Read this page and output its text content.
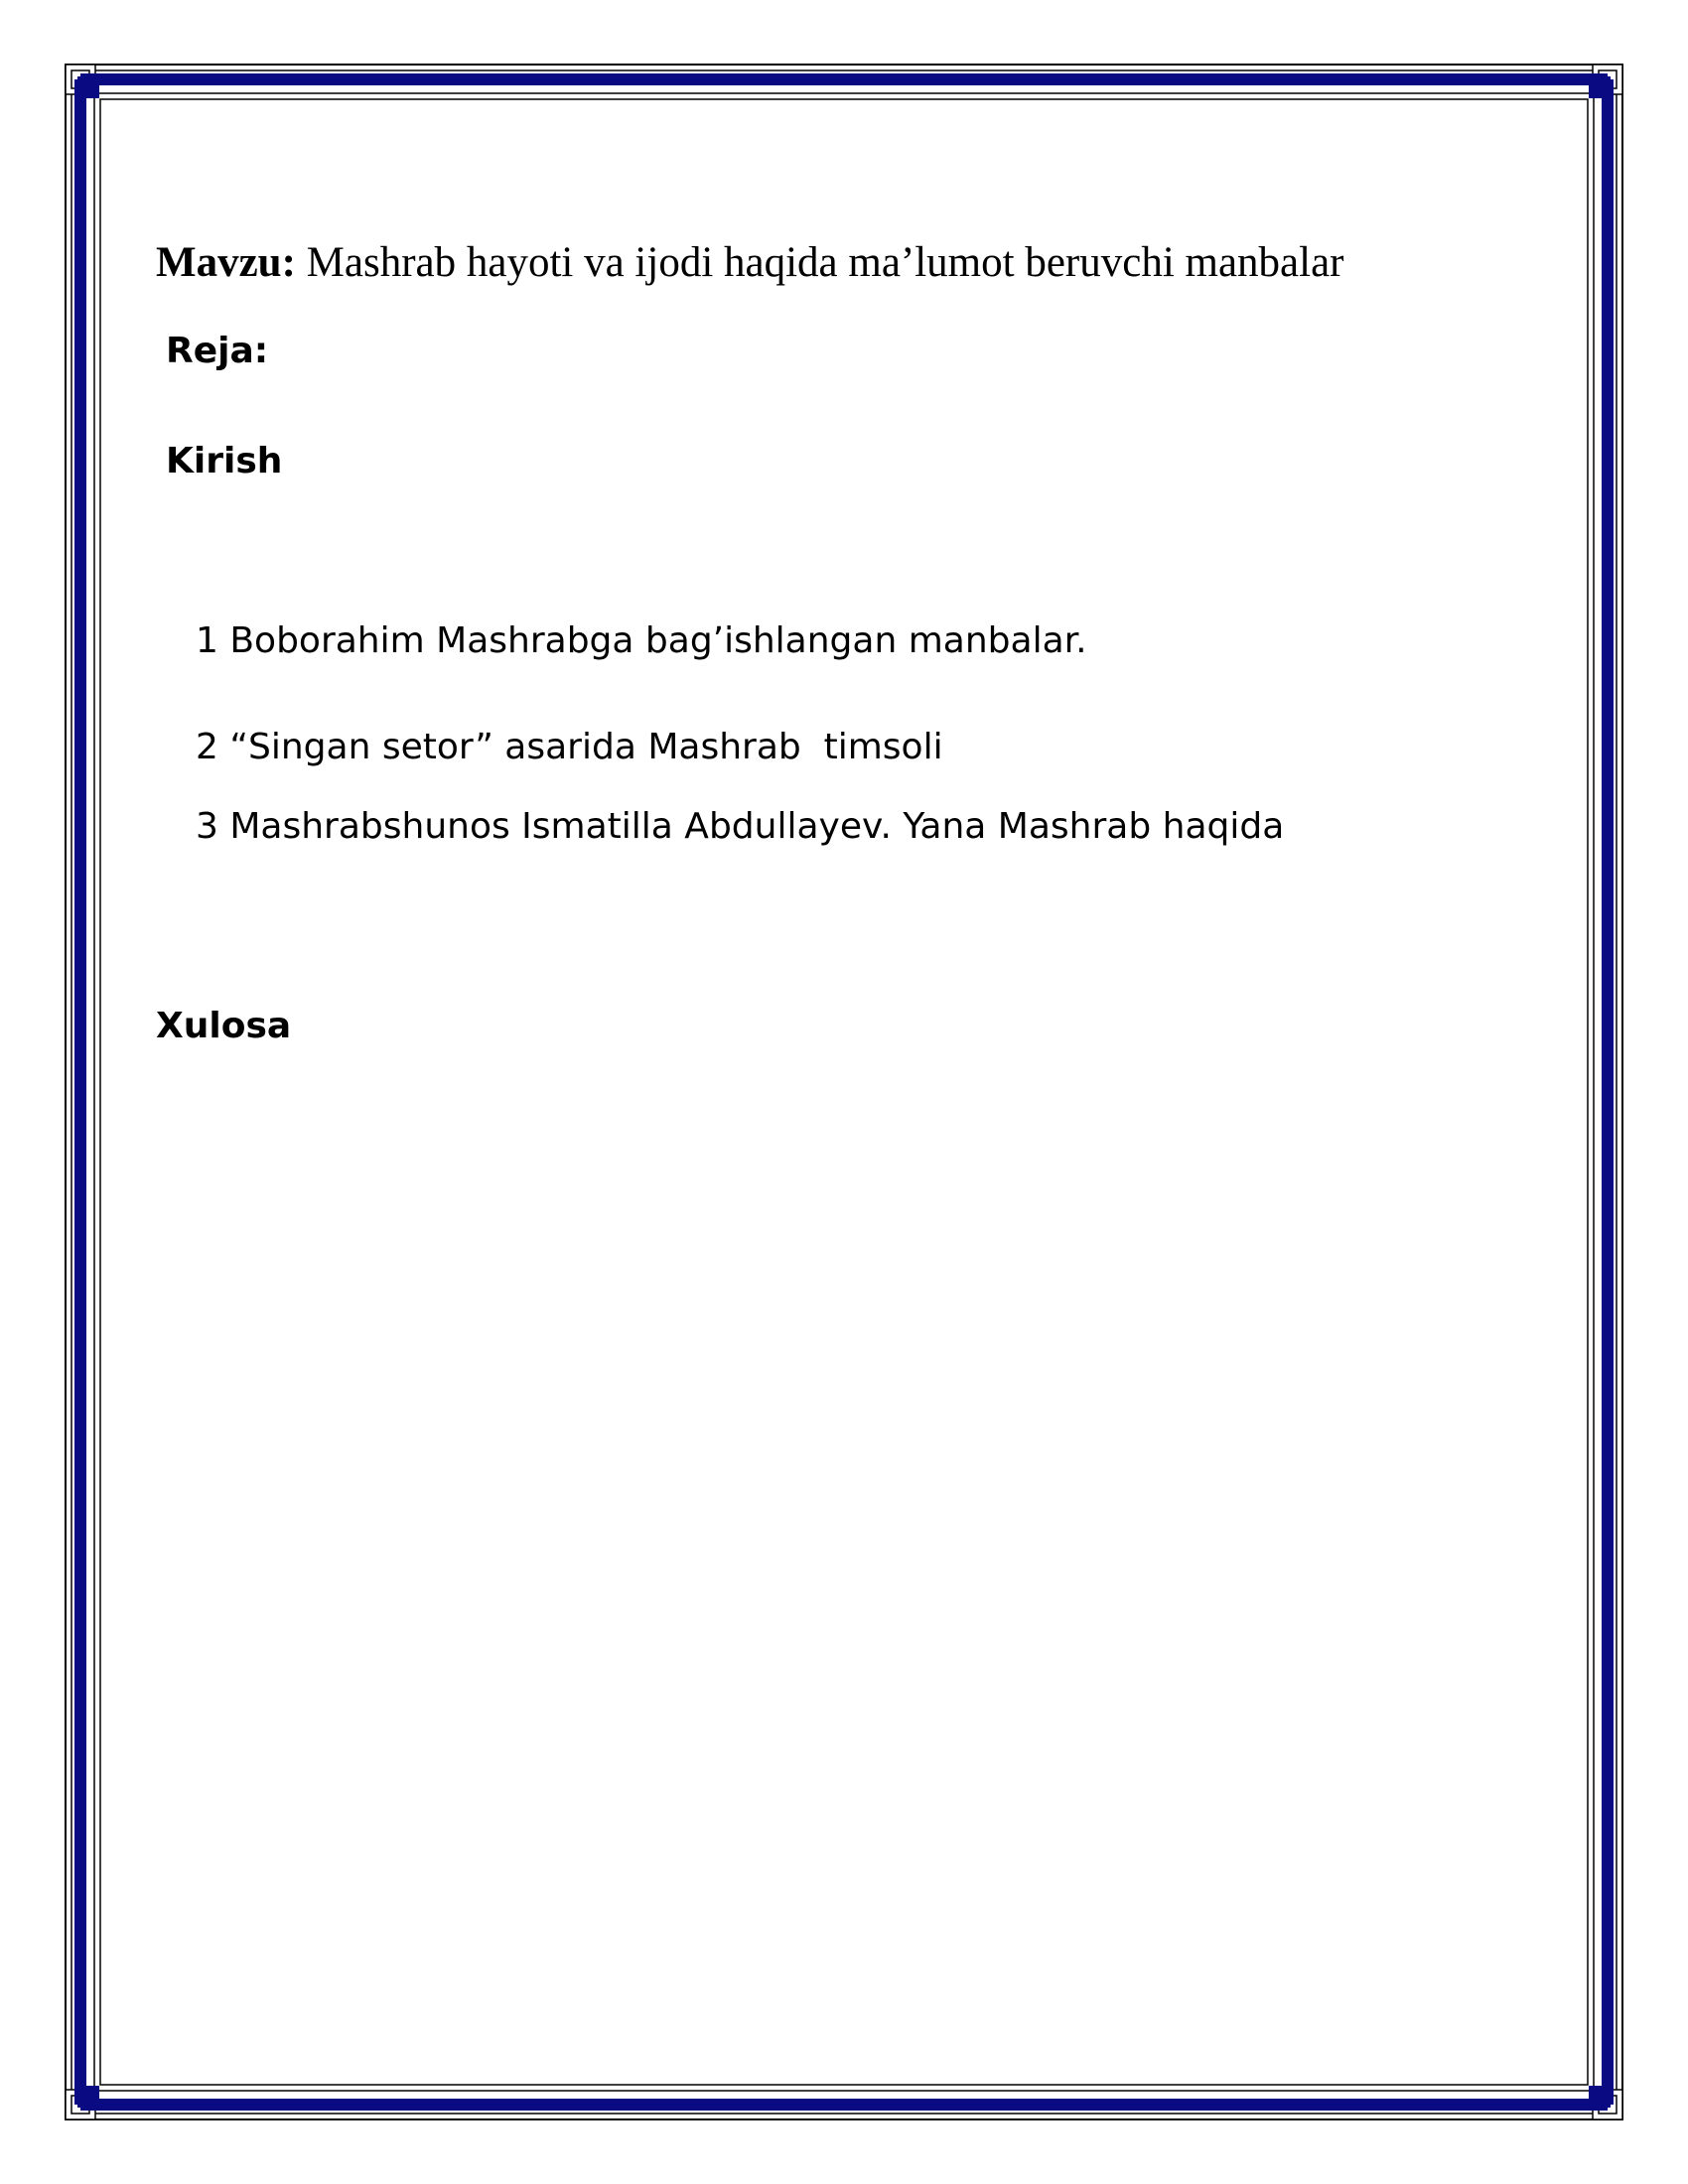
Mavzu: Mashrab hayoti va ijodi haqida ma’lumot beruvchi manbalar
Reja:
Kirish
1 Boborahim Mashrabga bag’ishlangan manbalar.
2 “Singan setor” asarida Mashrab  timsoli
3 Mashrabshunos Ismatilla Abdullayev. Yana Mashrab haqida
Xulosa
